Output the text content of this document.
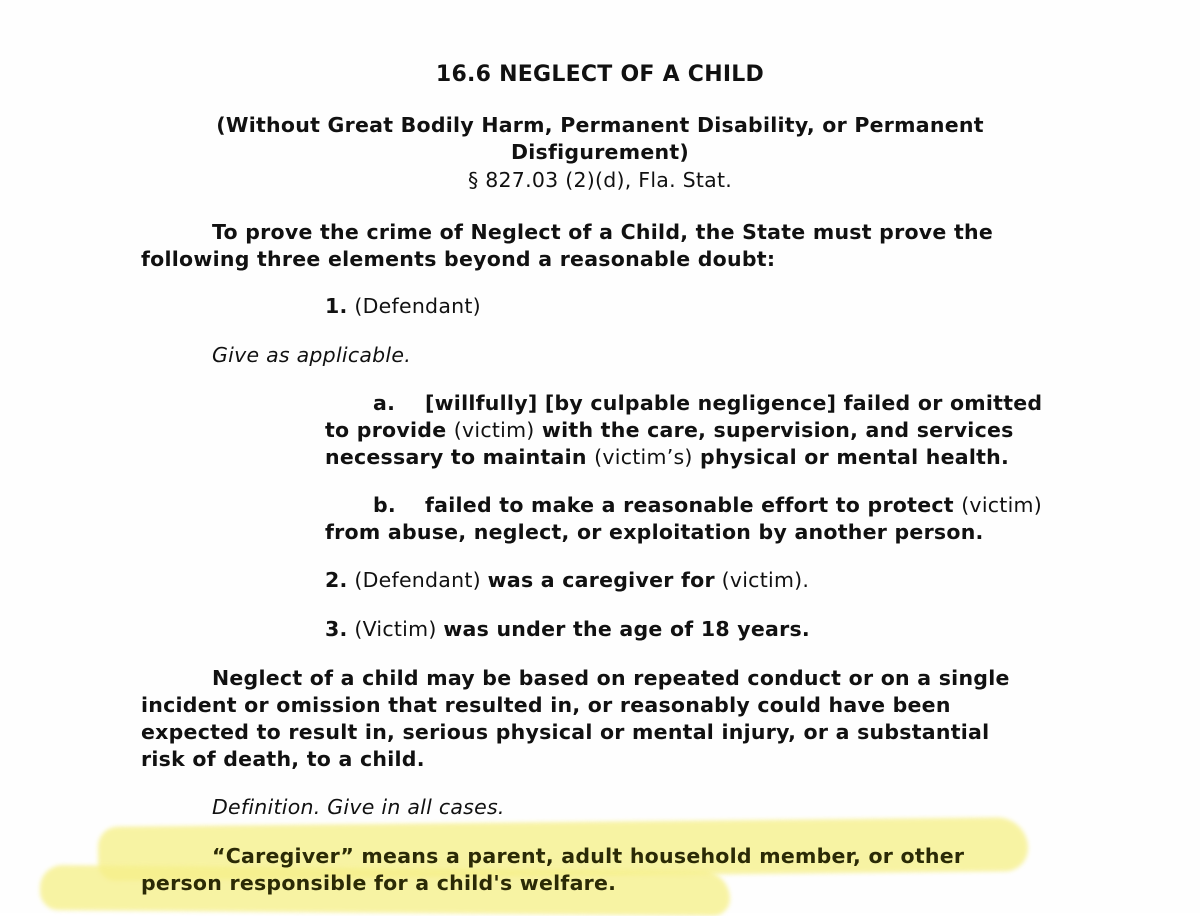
16.6 NEGLECT OF A CHILD
(Without Great Bodily Harm, Permanent Disability, or Permanent
Disfigurement)
§ 827.03 (2)(d), Fla. Stat.
To prove the crime of Neglect of a Child, the State must prove the
following three elements beyond a reasonable doubt:
1. (Defendant)
Give as applicable.
a. [willfully] [by culpable negligence] failed or omitted
to provide (victim) with the care, supervision, and services
necessary to maintain (victim’s) physical or mental health.
b. failed to make a reasonable effort to protect (victim)
from abuse, neglect, or exploitation by another person.
2. (Defendant) was a caregiver for (victim).
3. (Victim) was under the age of 18 years.
Neglect of a child may be based on repeated conduct or on a single
incident or omission that resulted in, or reasonably could have been
expected to result in, serious physical or mental injury, or a substantial
risk of death, to a child.
Definition. Give in all cases.
“Caregiver” means a parent, adult household member, or other
person responsible for a child's welfare.
